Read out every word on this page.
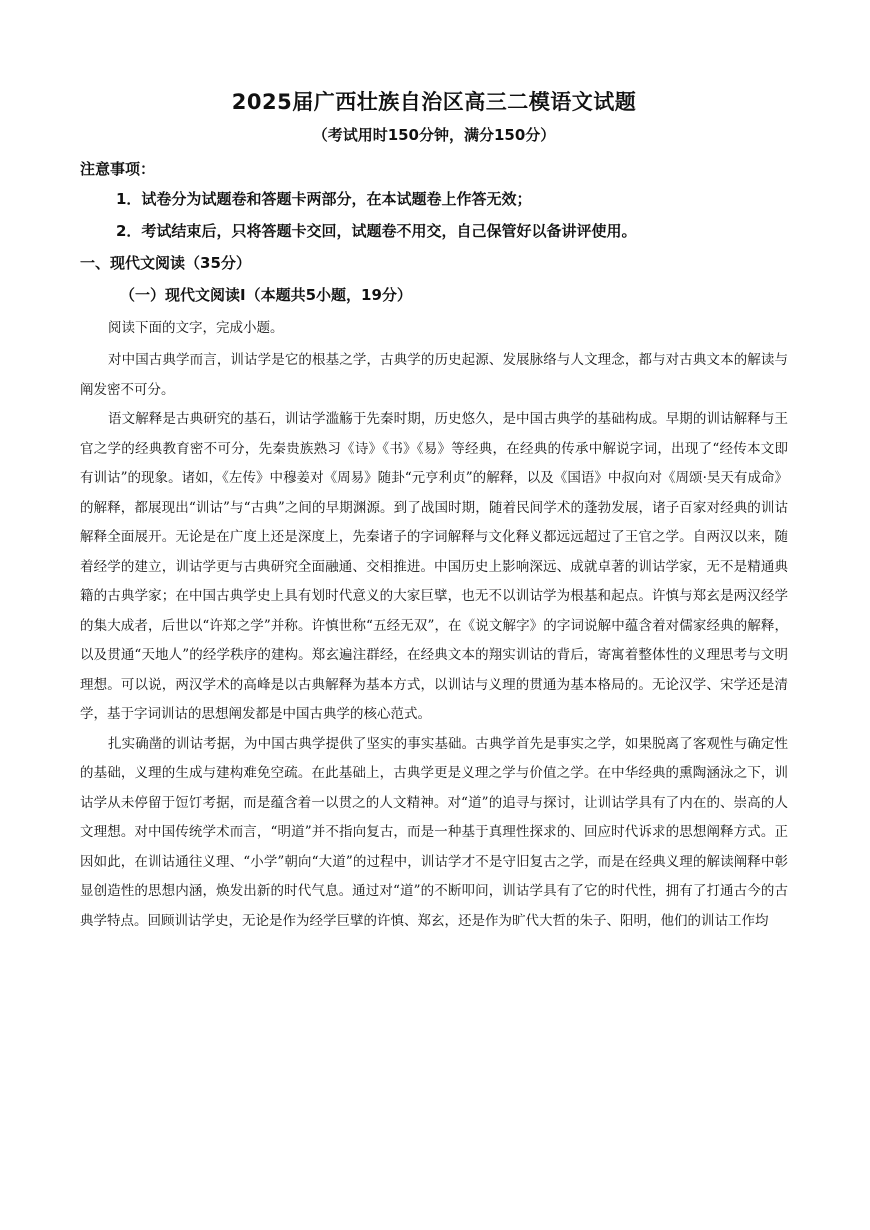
2025届广西壮族自治区高三二模语文试题
（考试用时150分钟，满分150分）
注意事项：
1．试卷分为试题卷和答题卡两部分，在本试题卷上作答无效；
2．考试结束后，只将答题卡交回，试题卷不用交，自己保管好以备讲评使用。
一、现代文阅读（35分）
（一）现代文阅读Ⅰ（本题共5小题，19分）
阅读下面的文字，完成小题。

对中国古典学而言，训诂学是它的根基之学，古典学的历史起源、发展脉络与人文理念，都与对古典文本的解读与阐发密不可分。

语文解释是古典研究的基石，训诂学滥觞于先秦时期，历史悠久，是中国古典学的基础构成。早期的训诂解释与王官之学的经典教育密不可分，先秦贵族熟习《诗》《书》《易》等经典，在经典的传承中解说字词，出现了“经传本文即有训诂”的现象。诸如，《左传》中穆姜对《周易》随卦“元亨利贞”的解释，以及《国语》中叔向对《周颂·昊天有成命》的解释，都展现出“训诂”与“古典”之间的早期渊源。到了战国时期，随着民间学术的蓬勃发展，诸子百家对经典的训诂解释全面展开。无论是在广度上还是深度上，先秦诸子的字词解释与文化释义都远远超过了王官之学。自两汉以来，随着经学的建立，训诂学更与古典研究全面融通、交相推进。中国历史上影响深远、成就卓著的训诂学家，无不是精通典籍的古典学家；在中国古典学史上具有划时代意义的大家巨擘，也无不以训诂学为根基和起点。许慎与郑玄是两汉经学的集大成者，后世以“许郑之学”并称。许慎世称“五经无双”，在《说文解字》的字词说解中蕴含着对儒家经典的解释，以及贯通“天地人”的经学秩序的建构。郑玄遍注群经，在经典文本的翔实训诂的背后，寄寓着整体性的义理思考与文明理想。可以说，两汉学术的高峰是以古典解释为基本方式，以训诂与义理的贯通为基本格局的。无论汉学、宋学还是清学，基于字词训诂的思想阐发都是中国古典学的核心范式。

扎实确凿的训诂考据，为中国古典学提供了坚实的事实基础。古典学首先是事实之学，如果脱离了客观性与确定性的基础，义理的生成与建构难免空疏。在此基础上，古典学更是义理之学与价值之学。在中华经典的熏陶涵泳之下，训诂学从未停留于饾饤考据，而是蕴含着一以贯之的人文精神。对“道”的追寻与探讨，让训诂学具有了内在的、崇高的人文理想。对中国传统学术而言，“明道”并不指向复古，而是一种基于真理性探求的、回应时代诉求的思想阐释方式。正因如此，在训诂通往义理、“小学”朝向“大道”的过程中，训诂学才不是守旧复古之学，而是在经典义理的解读阐释中彰显创造性的思想内涵，焕发出新的时代气息。通过对“道”的不断叩问，训诂学具有了它的时代性，拥有了打通古今的古典学特点。回顾训诂学史，无论是作为经学巨擘的许慎、郑玄，还是作为旷代大哲的朱子、阳明，他们的训诂工作均
